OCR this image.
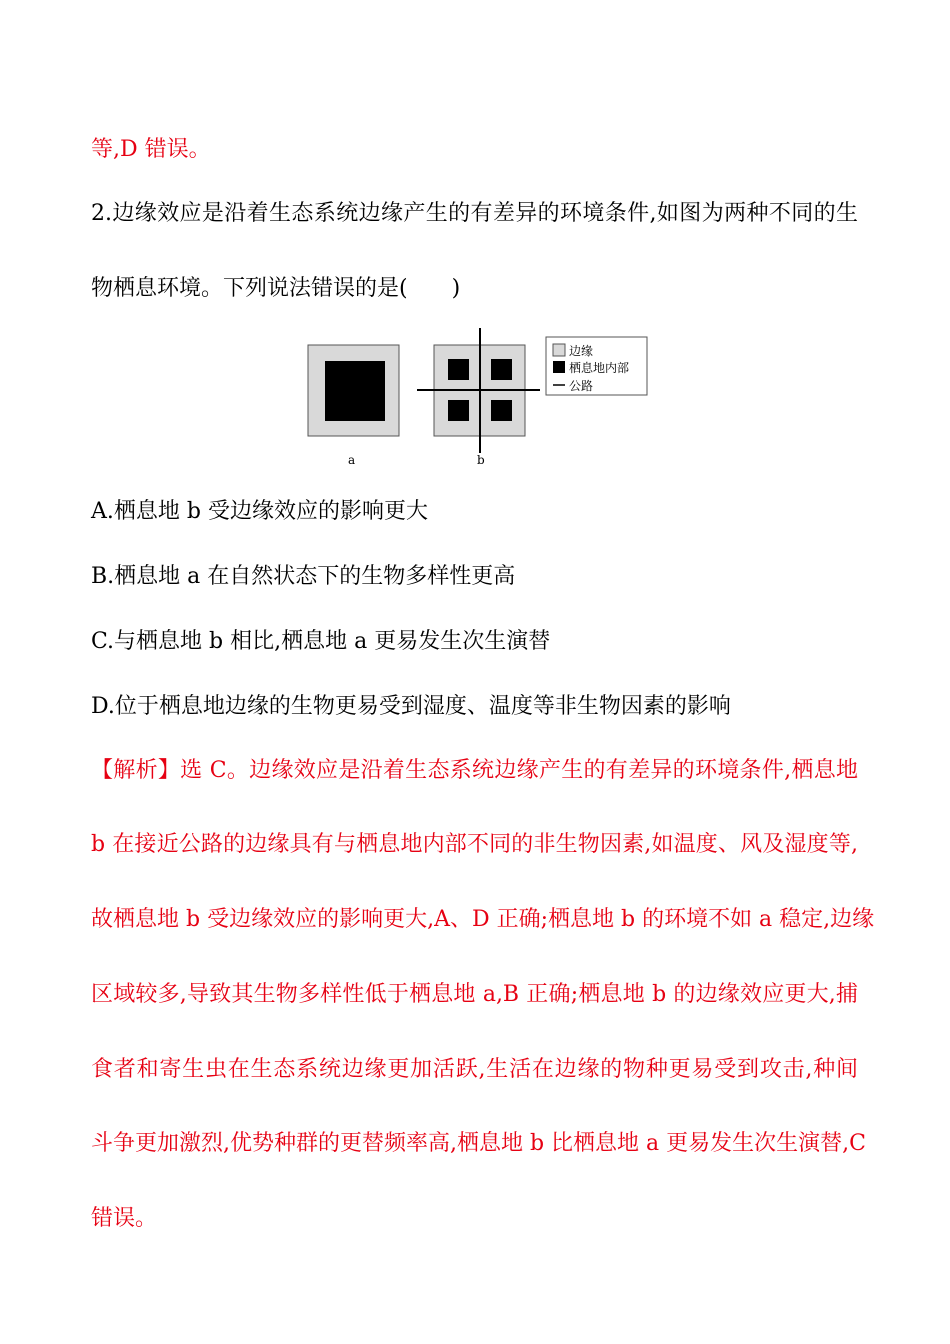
等,D 错误。
2.边缘效应是沿着生态系统边缘产生的有差异的环境条件,如图为两种不同的生
物栖息环境。下列说法错误的是(　　)
a	b
边缘
栖息地内部
公路
A.栖息地 b 受边缘效应的影响更大
B.栖息地 a 在自然状态下的生物多样性更高
C.与栖息地 b 相比,栖息地 a 更易发生次生演替
D.位于栖息地边缘的生物更易受到湿度、温度等非生物因素的影响
【解析】选 C。边缘效应是沿着生态系统边缘产生的有差异的环境条件,栖息地
b 在接近公路的边缘具有与栖息地内部不同的非生物因素,如温度、风及湿度等,
故栖息地 b 受边缘效应的影响更大,A、D 正确;栖息地 b 的环境不如 a 稳定,边缘
区域较多,导致其生物多样性低于栖息地 a,B 正确;栖息地 b 的边缘效应更大,捕
食者和寄生虫在生态系统边缘更加活跃,生活在边缘的物种更易受到攻击,种间
斗争更加激烈,优势种群的更替频率高,栖息地 b 比栖息地 a 更易发生次生演替,C
错误。
